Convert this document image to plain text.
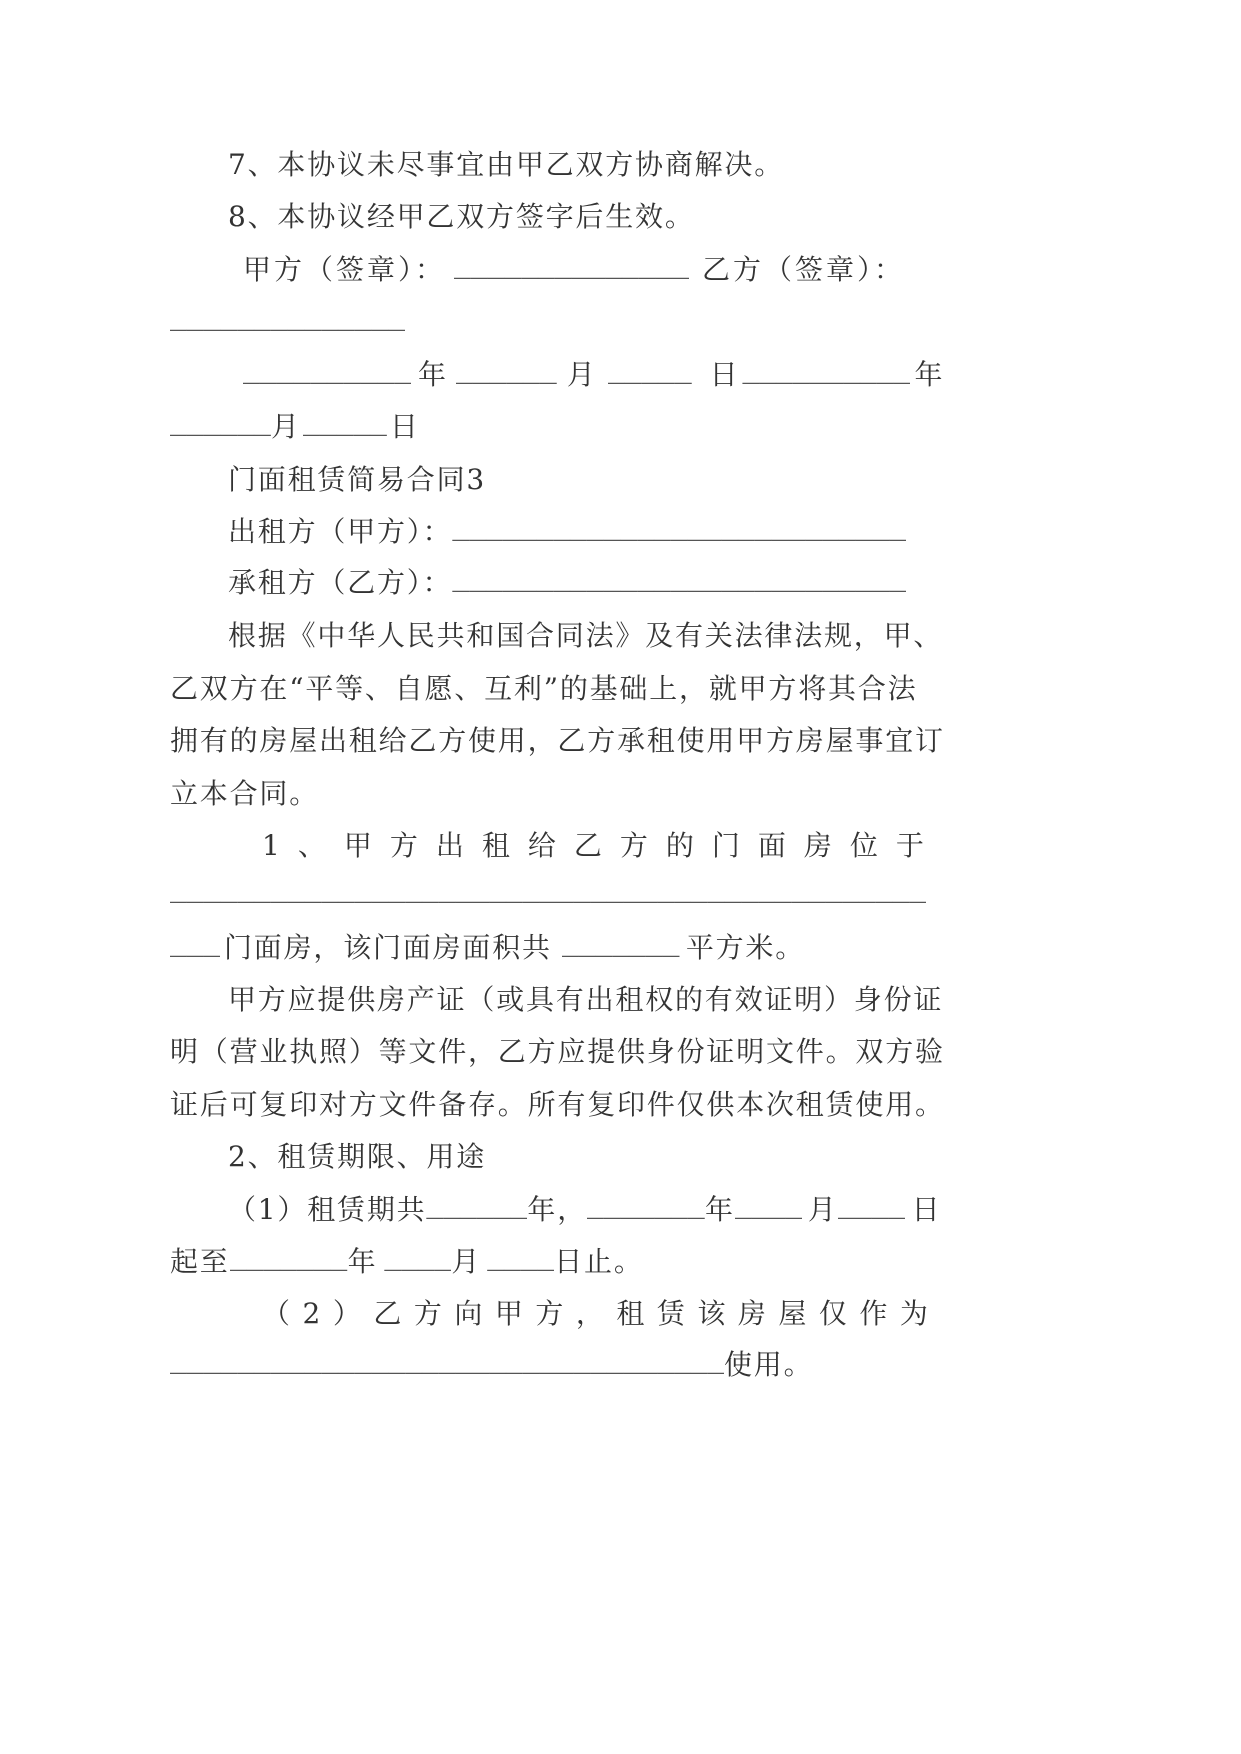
7、本协议未尽事宜由甲乙双方协商解决。
8、本协议经甲乙双方签字后生效。
甲方（签章）： ______________ 乙方（签章）：
______________
__________ 年 ______ 月 _____ 日 __________ 年
______月_____ 日
门面租赁简易合同3
出租方（甲方）：___________________________
承租方（乙方）：___________________________
根据《中华人民共和国合同法》及有关法律法规，甲、
乙双方在“平等、自愿、互利”的基础上，就甲方将其合法
拥有的房屋出租给乙方使用，乙方承租使用甲方房屋事宜订
立本合同。
1、甲方出租给乙方的门面房位于
_____________________________________________
___ 门面房，该门面房面积共 _______ 平方米。
甲方应提供房产证（或具有出租权的有效证明）身份证
明（营业执照）等文件，乙方应提供身份证明文件。双方验
证后可复印对方文件备存。所有复印件仅供本次租赁使用。
2、租赁期限、用途
（1）租赁期共______年，_______年____ 月____ 日
起至_______年 ____月 ____日止。
（2）乙方向甲方，租赁该房屋仅作为
_________________________________使用。
